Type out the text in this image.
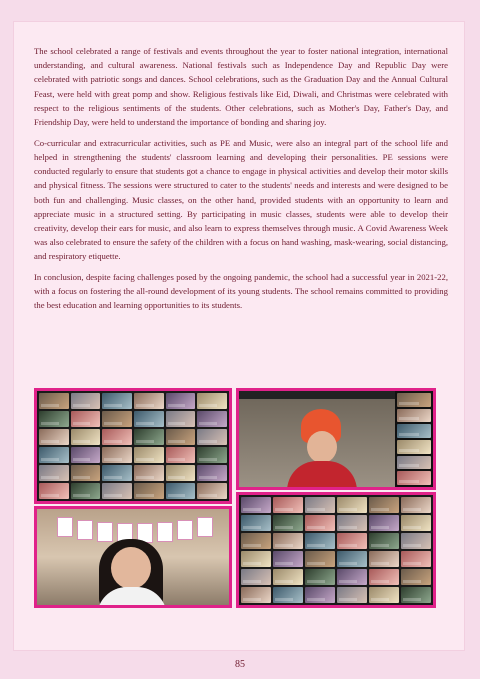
The school celebrated a range of festivals and events throughout the year to foster national integration, international understanding, and cultural awareness. National festivals such as Independence Day and Republic Day were celebrated with patriotic songs and dances. School celebrations, such as the Graduation Day and the Annual Cultural Feast, were held with great pomp and show. Religious festivals like Eid, Diwali, and Christmas were celebrated with respect to the religious sentiments of the students. Other celebrations, such as Mother's Day, Father's Day, and Friendship Day, were held to understand the importance of bonding and sharing joy.

Co-curricular and extracurricular activities, such as PE and Music, were also an integral part of the school life and helped in strengthening the students' classroom learning and developing their personalities. PE sessions were conducted regularly to ensure that students got a chance to engage in physical activities and develop their motor skills and physical fitness. The sessions were structured to cater to the students' needs and interests and were designed to be both fun and challenging. Music classes, on the other hand, provided students with an opportunity to learn and appreciate music in a structured setting. By participating in music classes, students were able to develop their creativity, develop their ears for music, and also learn to express themselves through music. A Covid Awareness Week was also celebrated to ensure the safety of the children with a focus on hand washing, mask-wearing, social distancing, and respiratory etiquette.

In conclusion, despite facing challenges posed by the ongoing pandemic, the school had a successful year in 2021-22, with a focus on fostering the all-round development of its young students. The school remains committed to providing the best education and learning opportunities to its students.

85
